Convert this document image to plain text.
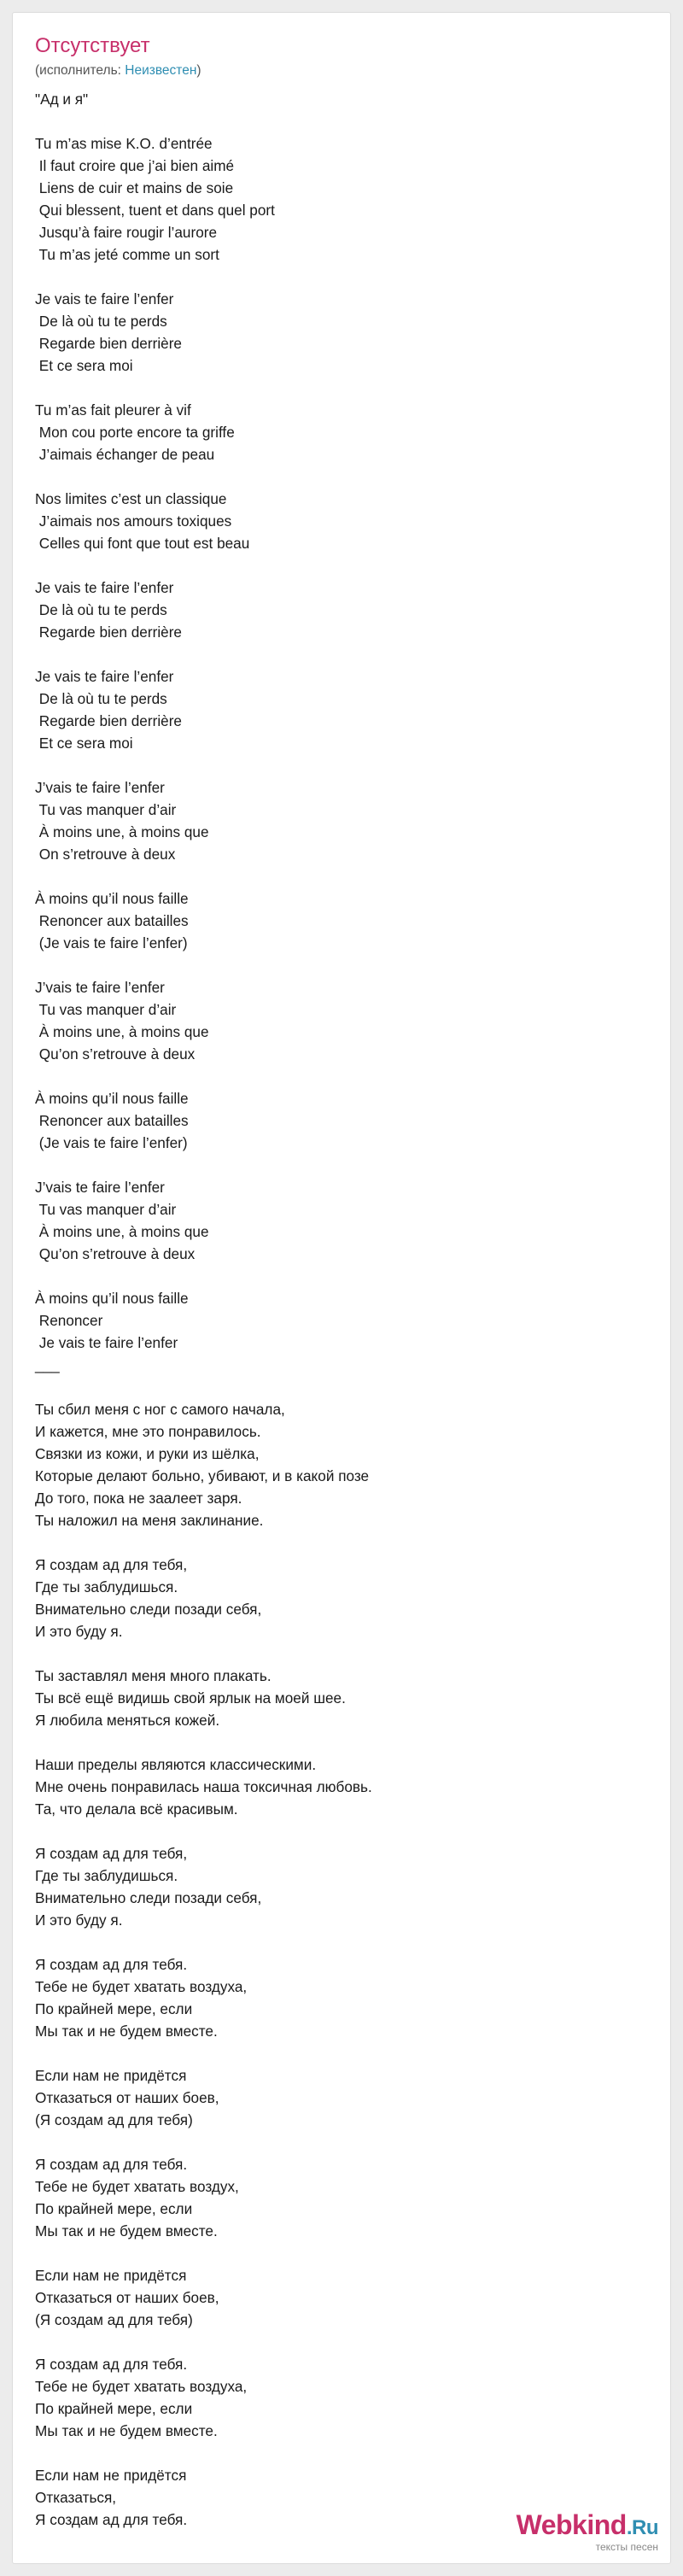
Отсутствует
(исполнитель: Неизвестен)
"Ад и я"

Tu m’as mise K.O. d’entrée
Il faut croire que j’ai bien aimé
Liens de cuir et mains de soie
Qui blessent, tuent et dans quel port
Jusqu’à faire rougir l’aurore
Tu m’as jeté comme un sort

Je vais te faire l’enfer
De là où tu te perds
Regarde bien derrière
Et ce sera moi

Tu m’as fait pleurer à vif
Mon cou porte encore ta griffe
J’aimais échanger de peau

Nos limites c’est un classique
J’aimais nos amours toxiques
Celles qui font que tout est beau

Je vais te faire l’enfer
De là où tu te perds
Regarde bien derrière

Je vais te faire l’enfer
De là où tu te perds
Regarde bien derrière
Et ce sera moi

J’vais te faire l’enfer
Tu vas manquer d’air
À moins une, à moins que
On s’retrouve à deux

À moins qu’il nous faille
Renoncer aux batailles
(Je vais te faire l’enfer)

J’vais te faire l’enfer
Tu vas manquer d’air
À moins une, à moins que
Qu’on s’retrouve à deux

À moins qu’il nous faille
Renoncer aux batailles
(Je vais te faire l’enfer)

J’vais te faire l’enfer
Tu vas manquer d’air
À moins une, à moins que
Qu’on s’retrouve à deux

À moins qu’il nous faille
Renoncer
Je vais te faire l’enfer
___

Ты сбил меня с ног с самого начала,
И кажется, мне это понравилось.
Связки из кожи, и руки из шёлка,
Которые делают больно, убивают, и в какой позе
До того, пока не заалеет заря.
Ты наложил на меня заклинание.

Я создам ад для тебя,
Где ты заблудишься.
Внимательно следи позади себя,
И это буду я.

Ты заставлял меня много плакать.
Ты всё ещё видишь свой ярлык на моей шее.
Я любила меняться кожей.

Наши пределы являются классическими.
Мне очень понравилась наша токсичная любовь.
Та, что делала всё красивым.

Я создам ад для тебя,
Где ты заблудишься.
Внимательно следи позади себя,
И это буду я.

Я создам ад для тебя.
Тебе не будет хватать воздуха,
По крайней мере, если
Мы так и не будем вместе.

Если нам не придётся
Отказаться от наших боев,
(Я создам ад для тебя)

Я создам ад для тебя.
Тебе не будет хватать воздух,
По крайней мере, если
Мы так и не будем вместе.

Если нам не придётся
Отказаться от наших боев,
(Я создам ад для тебя)

Я создам ад для тебя.
Тебе не будет хватать воздуха,
По крайней мере, если
Мы так и не будем вместе.

Если нам не придётся
Отказаться,
Я создам ад для тебя.	Webkind.Ru
тексты песен
